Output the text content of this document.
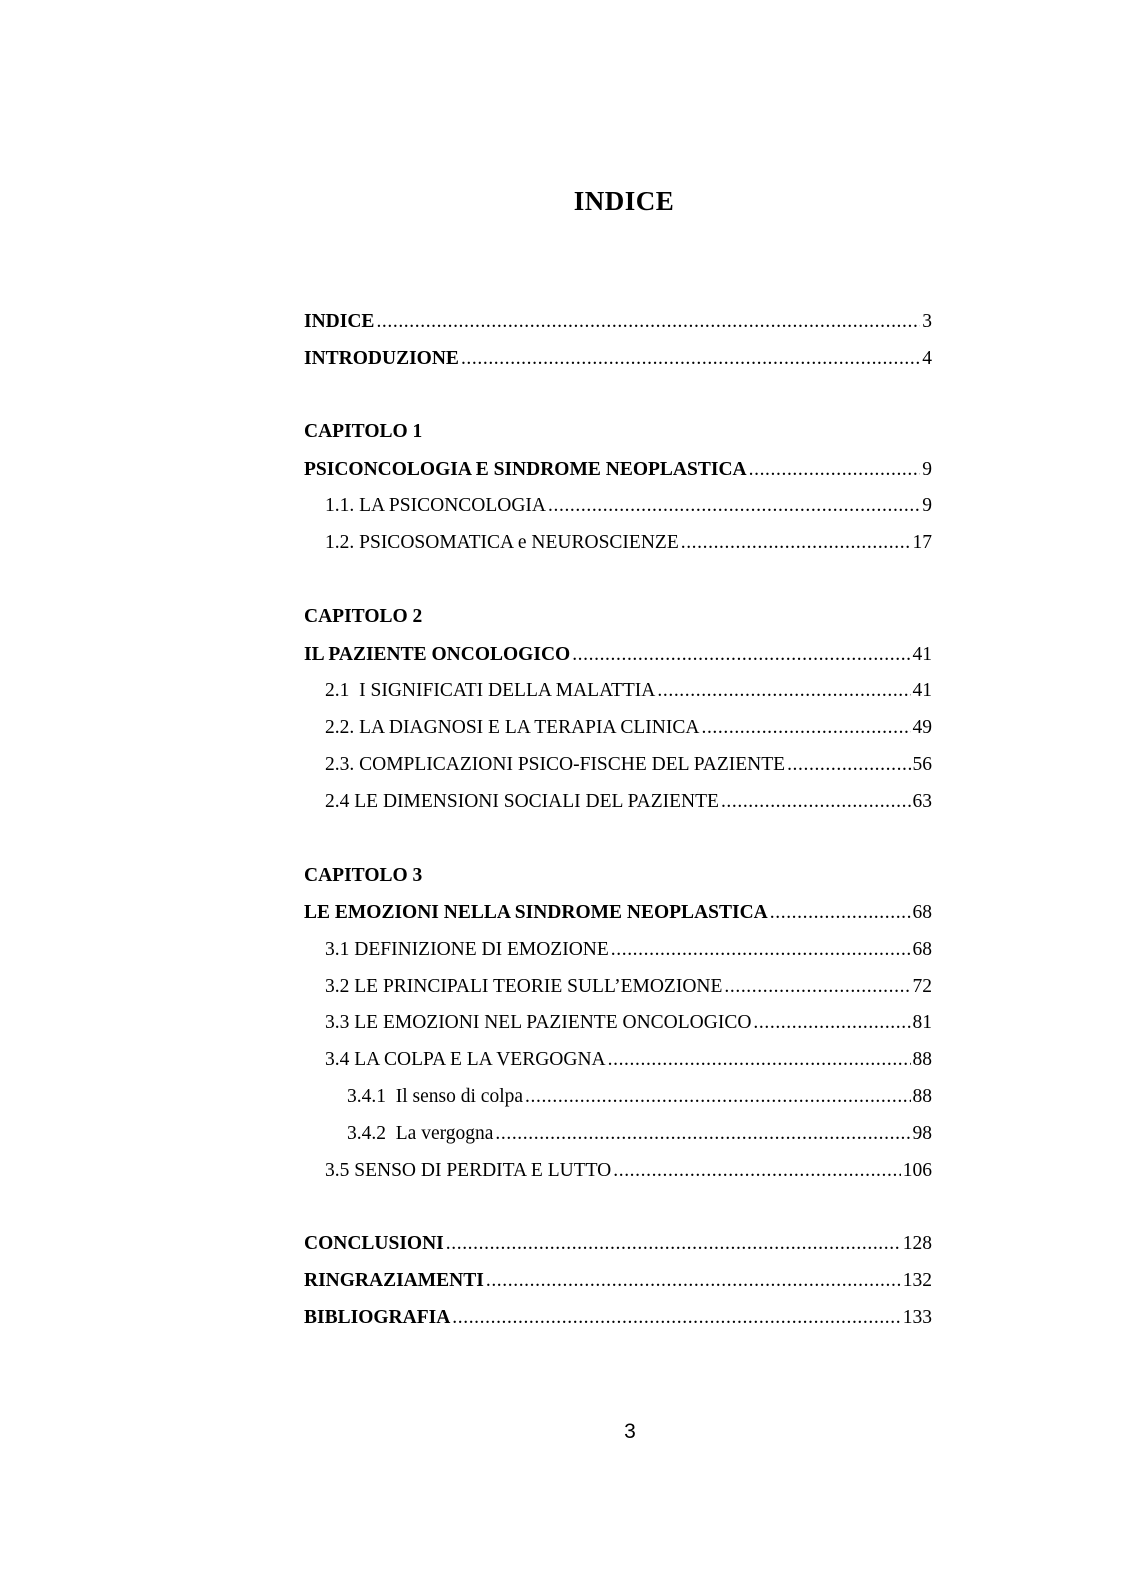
INDICE
INDICE .....	3
INTRODUZIONE .....	4
CAPITOLO 1
PSICONCOLOGIA E SINDROME NEOPLASTICA .....	9
1.1. LA PSICONCOLOGIA .....	9
1.2. PSICOSOMATICA e NEUROSCIENZE .....	17
CAPITOLO 2
IL PAZIENTE ONCOLOGICO .....	41
2.1  I SIGNIFICATI DELLA MALATTIA .....	41
2.2. LA DIAGNOSI E LA TERAPIA CLINICA .....	49
2.3. COMPLICAZIONI PSICO-FISCHE DEL PAZIENTE .....	56
2.4 LE DIMENSIONI SOCIALI DEL PAZIENTE .....	63
CAPITOLO 3
LE EMOZIONI NELLA SINDROME NEOPLASTICA .....	68
3.1 DEFINIZIONE DI EMOZIONE .....	68
3.2 LE PRINCIPALI TEORIE SULL’EMOZIONE .....	72
3.3 LE EMOZIONI NEL PAZIENTE ONCOLOGICO .....	81
3.4 LA COLPA E LA VERGOGNA .....	88
3.4.1  Il senso di colpa .....	88
3.4.2  La vergogna .....	98
3.5 SENSO DI PERDITA E LUTTO .....	106
CONCLUSIONI .....	128
RINGRAZIAMENTI .....	132
BIBLIOGRAFIA .....	133
3
